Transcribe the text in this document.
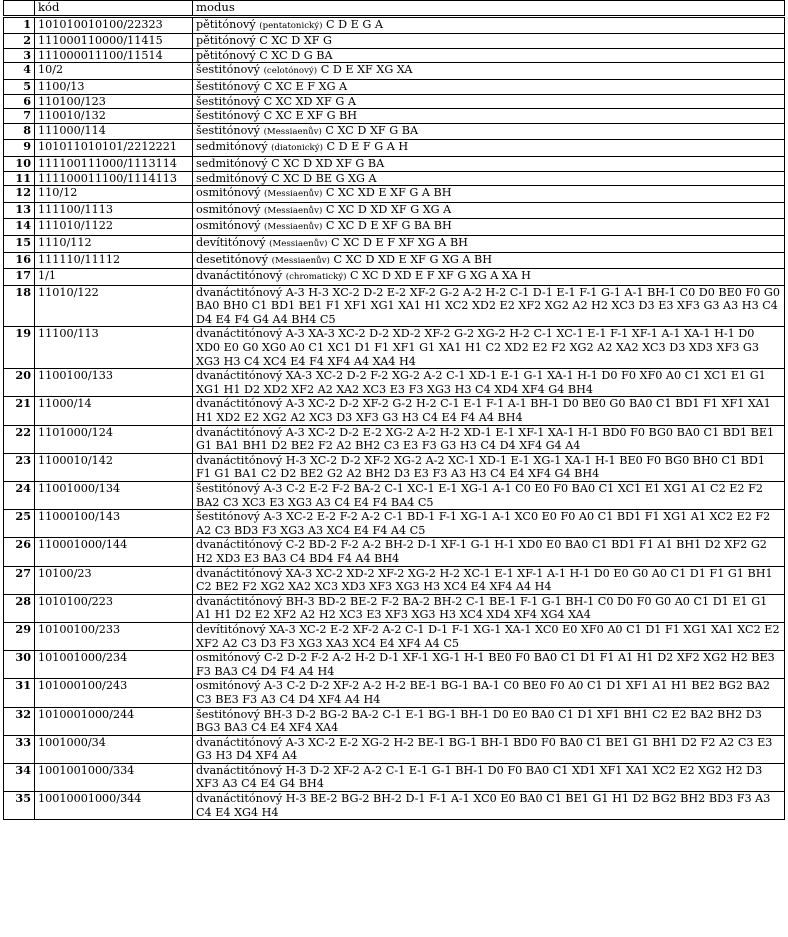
	kód	modus
1	101010010100/22323	pětitónový (pentatonický) C D E G A
2	111000110000/11415	pětitónový C XC D XF G
3	111000011100/11514	pětitónový C XC D G BA
4	10/2	šestitónový (celotónový) C D E XF XG XA
5	1100/13	šestitónový C XC E F XG A
6	110100/123	šestitónový C XC XD XF G A
7	110010/132	šestitónový C XC E XF G BH
8	111000/114	šestitónový (Messiaenův) C XC D XF G BA
9	101011010101/2212221	sedmitónový (diatonický) C D E F G A H
10	111100111000/1113114	sedmitónový C XC D XD XF G BA
11	111100011100/1114113	sedmitónový C XC D BE G XG A
12	110/12	osmitónový (Messiaenův) C XC XD E XF G A BH
13	111100/1113	osmitónový (Messiaenův) C XC D XD XF G XG A
14	111010/1122	osmitónový (Messiaenův) C XC D E XF G BA BH
15	1110/112	devítitónový (Messiaenův) C XC D E F XF XG A BH
16	111110/11112	desetitónový (Messiaenův) C XC D XD E XF G XG A BH
17	1/1	dvanáctitónový (chromatický) C XC D XD E F XF G XG A XA H
18	11010/122	dvanáctitónový A-3 H-3 XC-2 D-2 E-2 XF-2 G-2 A-2 H-2 C-1 D-1 E-1 F-1 G-1 A-1 BH-1 C0 D0 BE0 F0 G0 BA0 BH0 C1 BD1 BE1 F1 XF1 XG1 XA1 H1 XC2 XD2 E2 XF2 XG2 A2 H2 XC3 D3 E3 XF3 G3 A3 H3 C4 D4 E4 F4 G4 A4 BH4 C5
19	11100/113	dvanáctitónový A-3 XA-3 XC-2 D-2 XD-2 XF-2 G-2 XG-2 H-2 C-1 XC-1 E-1 F-1 XF-1 A-1 XA-1 H-1 D0 XD0 E0 G0 XG0 A0 C1 XC1 D1 F1 XF1 G1 XA1 H1 C2 XD2 E2 F2 XG2 A2 XA2 XC3 D3 XD3 XF3 G3 XG3 H3 C4 XC4 E4 F4 XF4 A4 XA4 H4
20	1100100/133	dvanáctitónový XA-3 XC-2 D-2 F-2 XG-2 A-2 C-1 XD-1 E-1 G-1 XA-1 H-1 D0 F0 XF0 A0 C1 XC1 E1 G1 XG1 H1 D2 XD2 XF2 A2 XA2 XC3 E3 F3 XG3 H3 C4 XD4 XF4 G4 BH4
21	11000/14	dvanáctitónový A-3 XC-2 D-2 XF-2 G-2 H-2 C-1 E-1 F-1 A-1 BH-1 D0 BE0 G0 BA0 C1 BD1 F1 XF1 XA1 H1 XD2 E2 XG2 A2 XC3 D3 XF3 G3 H3 C4 E4 F4 A4 BH4
22	1101000/124	dvanáctitónový A-3 XC-2 D-2 E-2 XG-2 A-2 H-2 XD-1 E-1 XF-1 XA-1 H-1 BD0 F0 BG0 BA0 C1 BD1 BE1 G1 BA1 BH1 D2 BE2 F2 A2 BH2 C3 E3 F3 G3 H3 C4 D4 XF4 G4 A4
23	1100010/142	dvanáctitónový H-3 XC-2 D-2 XF-2 XG-2 A-2 XC-1 XD-1 E-1 XG-1 XA-1 H-1 BE0 F0 BG0 BH0 C1 BD1 F1 G1 BA1 C2 D2 BE2 G2 A2 BH2 D3 E3 F3 A3 H3 C4 E4 XF4 G4 BH4
24	11001000/134	šestitónový A-3 C-2 E-2 F-2 BA-2 C-1 XC-1 E-1 XG-1 A-1 C0 E0 F0 BA0 C1 XC1 E1 XG1 A1 C2 E2 F2 BA2 C3 XC3 E3 XG3 A3 C4 E4 F4 BA4 C5
25	11000100/143	šestitónový A-3 XC-2 E-2 F-2 A-2 C-1 BD-1 F-1 XG-1 A-1 XC0 E0 F0 A0 C1 BD1 F1 XG1 A1 XC2 E2 F2 A2 C3 BD3 F3 XG3 A3 XC4 E4 F4 A4 C5
26	110001000/144	dvanáctitónový C-2 BD-2 F-2 A-2 BH-2 D-1 XF-1 G-1 H-1 XD0 E0 BA0 C1 BD1 F1 A1 BH1 D2 XF2 G2 H2 XD3 E3 BA3 C4 BD4 F4 A4 BH4
27	10100/23	dvanáctitónový XA-3 XC-2 XD-2 XF-2 XG-2 H-2 XC-1 E-1 XF-1 A-1 H-1 D0 E0 G0 A0 C1 D1 F1 G1 BH1 C2 BE2 F2 XG2 XA2 XC3 XD3 XF3 XG3 H3 XC4 E4 XF4 A4 H4
28	1010100/223	dvanáctitónový BH-3 BD-2 BE-2 F-2 BA-2 BH-2 C-1 BE-1 F-1 G-1 BH-1 C0 D0 F0 G0 A0 C1 D1 E1 G1 A1 H1 D2 E2 XF2 A2 H2 XC3 E3 XF3 XG3 H3 XC4 XD4 XF4 XG4 XA4
29	10100100/233	devítitónový XA-3 XC-2 E-2 XF-2 A-2 C-1 D-1 F-1 XG-1 XA-1 XC0 E0 XF0 A0 C1 D1 F1 XG1 XA1 XC2 E2 XF2 A2 C3 D3 F3 XG3 XA3 XC4 E4 XF4 A4 C5
30	101001000/234	osmitónový C-2 D-2 F-2 A-2 H-2 D-1 XF-1 XG-1 H-1 BE0 F0 BA0 C1 D1 F1 A1 H1 D2 XF2 XG2 H2 BE3 F3 BA3 C4 D4 F4 A4 H4
31	101000100/243	osmitónový A-3 C-2 D-2 XF-2 A-2 H-2 BE-1 BG-1 BA-1 C0 BE0 F0 A0 C1 D1 XF1 A1 H1 BE2 BG2 BA2 C3 BE3 F3 A3 C4 D4 XF4 A4 H4
32	1010001000/244	šestitónový BH-3 D-2 BG-2 BA-2 C-1 E-1 BG-1 BH-1 D0 E0 BA0 C1 D1 XF1 BH1 C2 E2 BA2 BH2 D3 BG3 BA3 C4 E4 XF4 XA4
33	1001000/34	dvanáctitónový A-3 XC-2 E-2 XG-2 H-2 BE-1 BG-1 BH-1 BD0 F0 BA0 C1 BE1 G1 BH1 D2 F2 A2 C3 E3 G3 H3 D4 XF4 A4
34	1001001000/334	dvanáctitónový H-3 D-2 XF-2 A-2 C-1 E-1 G-1 BH-1 D0 F0 BA0 C1 XD1 XF1 XA1 XC2 E2 XG2 H2 D3 XF3 A3 C4 E4 G4 BH4
35	10010001000/344	dvanáctitónový H-3 BE-2 BG-2 BH-2 D-1 F-1 A-1 XC0 E0 BA0 C1 BE1 G1 H1 D2 BG2 BH2 BD3 F3 A3 C4 E4 XG4 H4
